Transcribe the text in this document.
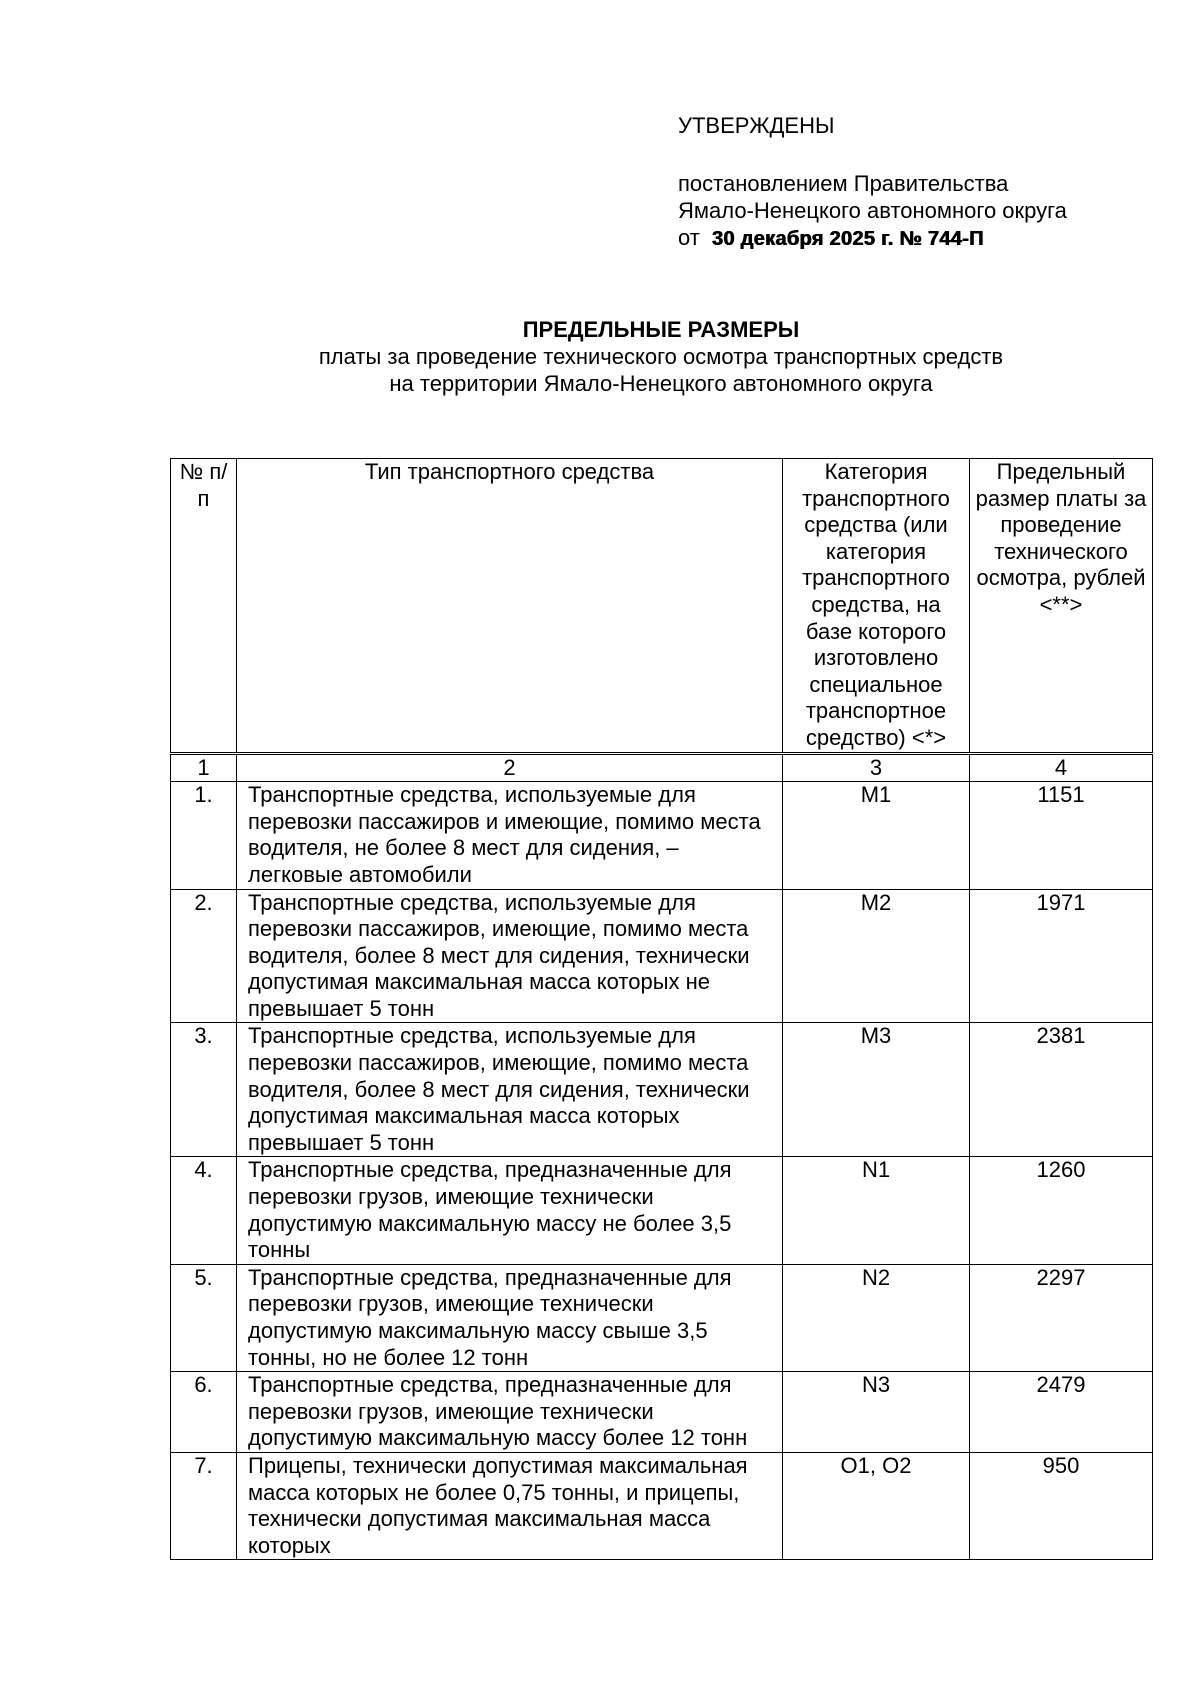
УТВЕРЖДЕНЫ
постановлением Правительства
Ямало-Ненецкого автономного округа
от 30 декабря 2025 г. № 744-П
ПРЕДЕЛЬНЫЕ РАЗМЕРЫ
платы за проведение технического осмотра транспортных средств
на территории Ямало-Ненецкого автономного округа
№ п/п	Тип транспортного средства	Категория транспортного средства (или категория транспортного средства, на базе которого изготовлено специальное транспортное средство) <*>	Предельный размер платы за проведение технического осмотра, рублей <**>
1	2	3	4
1.	Транспортные средства, используемые для перевозки пассажиров и имеющие, помимо места водителя, не более 8 мест для сидения, – легковые автомобили	M1	1151
2.	Транспортные средства, используемые для перевозки пассажиров, имеющие, помимо места водителя, более 8 мест для сидения, технически допустимая максимальная масса которых не превышает 5 тонн	M2	1971
3.	Транспортные средства, используемые для перевозки пассажиров, имеющие, помимо места водителя, более 8 мест для сидения, технически допустимая максимальная масса которых превышает 5 тонн	M3	2381
4.	Транспортные средства, предназначенные для перевозки грузов, имеющие технически допустимую максимальную массу не более 3,5 тонны	N1	1260
5.	Транспортные средства, предназначенные для перевозки грузов, имеющие технически допустимую максимальную массу свыше 3,5 тонны, но не более 12 тонн	N2	2297
6.	Транспортные средства, предназначенные для перевозки грузов, имеющие технически допустимую максимальную массу более 12 тонн	N3	2479
7.	Прицепы, технически допустимая максимальная масса которых не более 0,75 тонны, и прицепы, технически допустимая максимальная масса которых	O1, O2	950
